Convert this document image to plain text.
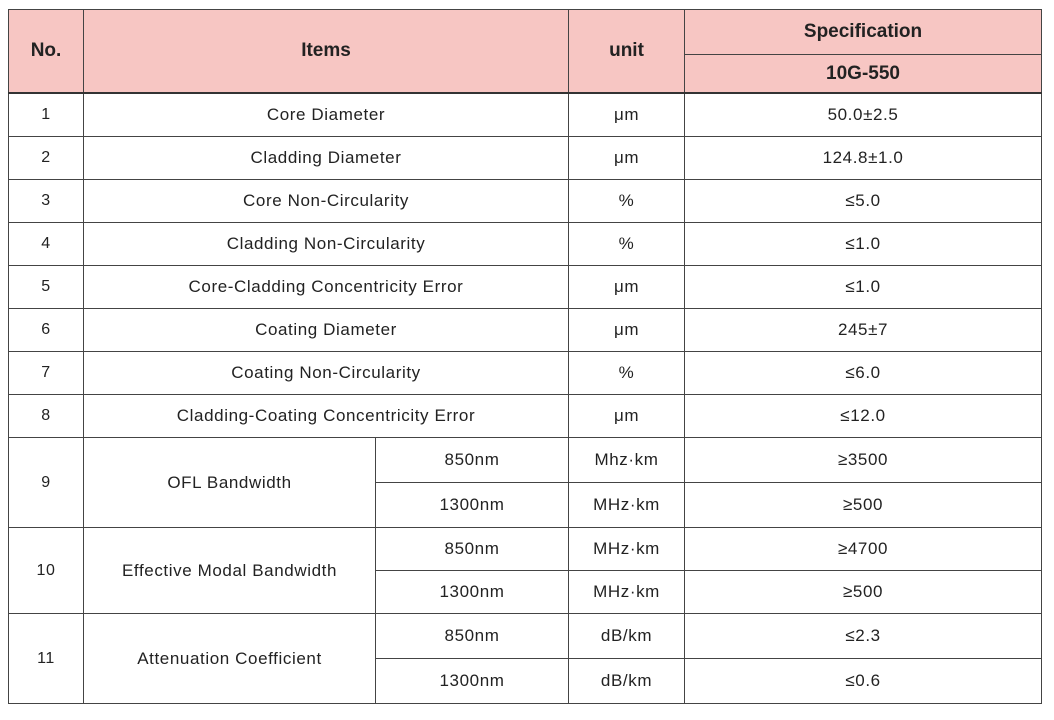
No.	Items		unit	Specification
				10G-550
1	Core Diameter		μm	50.0±2.5
2	Cladding Diameter		μm	124.8±1.0
3	Core Non-Circularity		%	≤5.0
4	Cladding Non-Circularity		%	≤1.0
5	Core-Cladding Concentricity Error		μm	≤1.0
6	Coating Diameter		μm	245±7
7	Coating Non-Circularity		%	≤6.0
8	Cladding-Coating Concentricity Error		μm	≤12.0
9	OFL Bandwidth	850nm	Mhz·km	≥3500
		1300nm	MHz·km	≥500
10	Effective Modal Bandwidth	850nm	MHz·km	≥4700
		1300nm	MHz·km	≥500
11	Attenuation Coefficient	850nm	dB/km	≤2.3
		1300nm	dB/km	≤0.6
